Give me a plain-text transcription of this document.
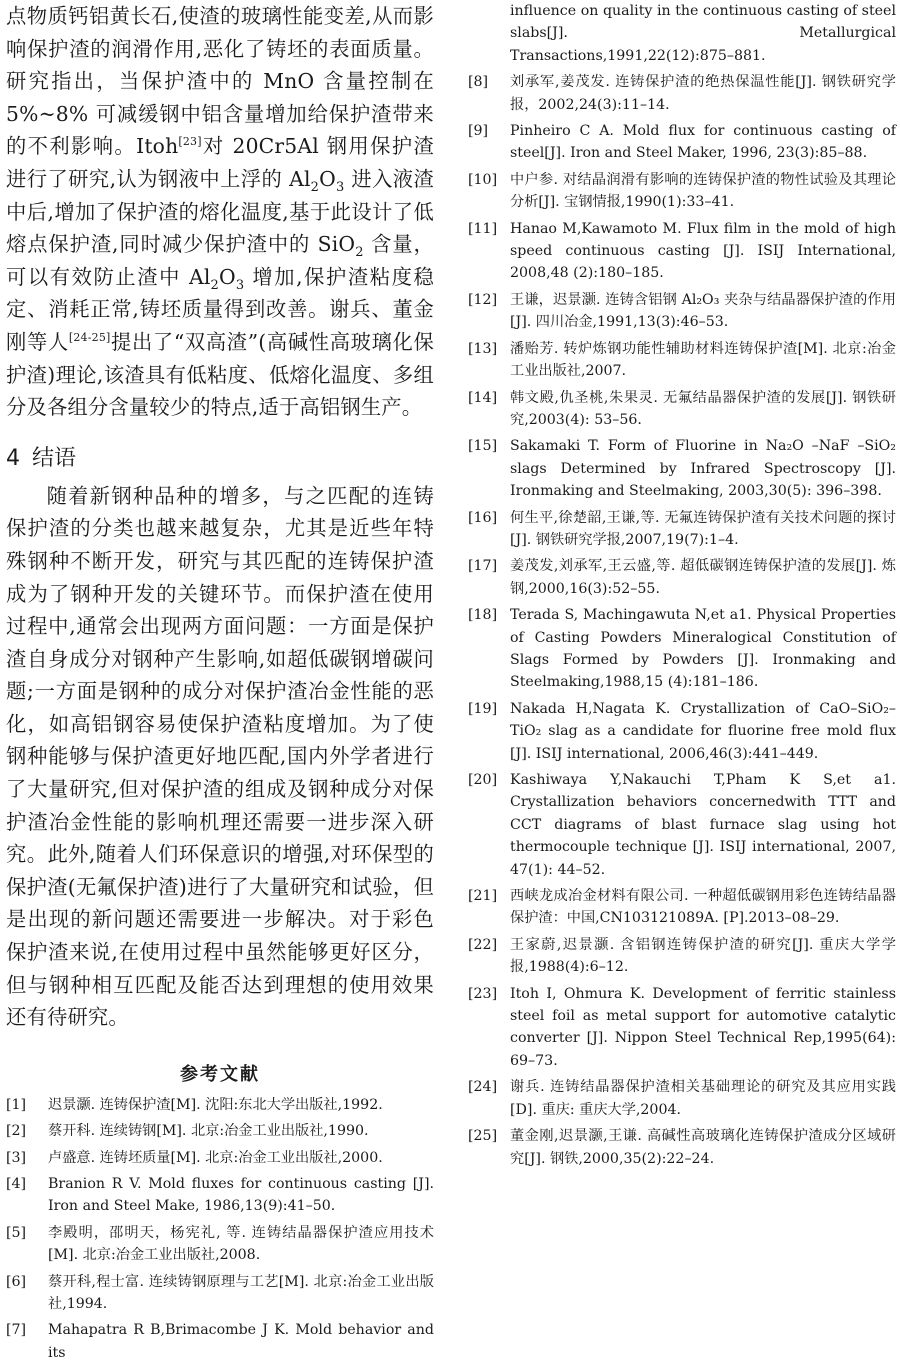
点物质钙铝黄长石,使渣的玻璃性能变差,从而影响保护渣的润滑作用,恶化了铸坯的表面质量。研究指出，当保护渣中的 MnO 含量控制在 5%~8% 可减缓钢中铝含量增加给保护渣带来的不利影响。Itoh[23]对 20Cr5Al 钢用保护渣进行了研究,认为钢液中上浮的 $Al_2O_3$ 进入液渣中后,增加了保护渣的熔化温度,基于此设计了低熔点保护渣,同时减少保护渣中的 SiO$_2$ 含量，可以有效防止渣中 $Al_2O_3$ 增加,保护渣粘度稳定、消耗正常,铸坯质量得到改善。谢兵、董金刚等人[24-25]提出了“双高渣”(高碱性高玻璃化保护渣)理论,该渣具有低粘度、低熔化温度、多组分及各组分含量较少的特点,适于高铝钢生产。

4 结语

随着新钢种品种的增多，与之匹配的连铸保护渣的分类也越来越复杂，尤其是近些年特殊钢种不断开发，研究与其匹配的连铸保护渣成为了钢种开发的关键环节。而保护渣在使用过程中,通常会出现两方面问题：一方面是保护渣自身成分对钢种产生影响,如超低碳钢增碳问题;一方面是钢种的成分对保护渣冶金性能的恶化，如高铝钢容易使保护渣粘度增加。为了使钢种能够与保护渣更好地匹配,国内外学者进行了大量研究,但对保护渣的组成及钢种成分对保护渣冶金性能的影响机理还需要一进步深入研究。此外,随着人们环保意识的增强,对环保型的保护渣(无氟保护渣)进行了大量研究和试验，但是出现的新问题还需要进一步解决。对于彩色保护渣来说,在使用过程中虽然能够更好区分，但与钢种相互匹配及能否达到理想的使用效果还有待研究。

参考文献
[1]	迟景灏. 连铸保护渣[M]. 沈阳:东北大学出版社,1992.
[2]	蔡开科. 连续铸钢[M]. 北京:冶金工业出版社,1990.
[3]	卢盛意. 连铸坯质量[M]. 北京:冶金工业出版社,2000.
[4]	Branion R V. Mold fluxes for continuous casting [J]. Iron and Steel Make, 1986,13(9):41–50.
[5]	李殿明，邵明天，杨宪礼, 等. 连铸结晶器保护渣应用技术[M]. 北京:冶金工业出版社,2008.
[6]	蔡开科,程士富. 连续铸钢原理与工艺[M]. 北京:冶金工业出版社,1994.
[7]	Mahapatra R B,Brimacombe J K. Mold behavior and its
influence on quality in the continuous casting of steel slabs[J]. Metallurgical Transactions,1991,22(12):875–881.
[8]	刘承军,姜茂发. 连铸保护渣的绝热保温性能[J]. 钢铁研究学报，2002,24(3):11–14.
[9]	Pinheiro C A. Mold flux for continuous casting of steel[J]. Iron and Steel Maker, 1996, 23(3):85–88.
[10] 中户参. 对结晶润滑有影响的连铸保护渣的物性试验及其理论分析[J]. 宝钢情报,1990(1):33–41.
[11] Hanao M,Kawamoto M. Flux film in the mold of high speed continuous casting [J]. ISIJ International, 2008,48 (2):180–185.
[12] 王谦，迟景灏. 连铸含铝钢 Al₂O₃ 夹杂与结晶器保护渣的作用[J]. 四川冶金,1991,13(3):46–53.
[13] 潘贻芳. 转炉炼钢功能性辅助材料连铸保护渣[M]. 北京:冶金工业出版社,2007.
[14] 韩文殿,仇圣桃,朱果灵. 无氟结晶器保护渣的发展[J]. 钢铁研究,2003(4): 53–56.
[15] Sakamaki T. Form of Fluorine in Na₂O –NaF –SiO₂ slags Determined by Infrared Spectroscopy [J]. Ironmaking and Steelmaking, 2003,30(5): 396–398.
[16] 何生平,徐楚韶,王谦,等. 无氟连铸保护渣有关技术问题的探讨[J]. 钢铁研究学报,2007,19(7):1–4.
[17] 姜茂发,刘承军,王云盛,等. 超低碳钢连铸保护渣的发展[J]. 炼钢,2000,16(3):52–55.
[18] Terada S, Machingawuta N,et a1. Physical Properties of Casting Powders Mineralogical Constitution of Slags Formed by Powders [J]. Ironmaking and Steelmaking,1988,15 (4):181–186.
[19] Nakada H,Nagata K. Crystallization of CaO–SiO₂–TiO₂ slag as a candidate for fluorine free mold flux [J]. ISIJ international, 2006,46(3):441–449.
[20] Kashiwaya Y,Nakauchi T,Pham K S,et a1. Crystallization behaviors concernedwith TTT and CCT diagrams of blast furnace slag using hot thermocouple technique [J]. ISIJ international, 2007, 47(1): 44–52.
[21] 西峡龙成冶金材料有限公司. 一种超低碳钢用彩色连铸结晶器保护渣：中国,CN103121089A. [P].2013–08–29.
[22] 王家蔚,迟景灏. 含铝钢连铸保护渣的研究[J]. 重庆大学学报,1988(4):6–12.
[23] Itoh I, Ohmura K. Development of ferritic stainless steel foil as metal support for automotive catalytic converter [J]. Nippon Steel Technical Rep,1995(64): 69–73.
[24] 谢兵. 连铸结晶器保护渣相关基础理论的研究及其应用实践[D]. 重庆: 重庆大学,2004.
[25] 董金刚,迟景灏,王谦. 高碱性高玻璃化连铸保护渣成分区域研究[J]. 钢铁,2000,35(2):22–24.
